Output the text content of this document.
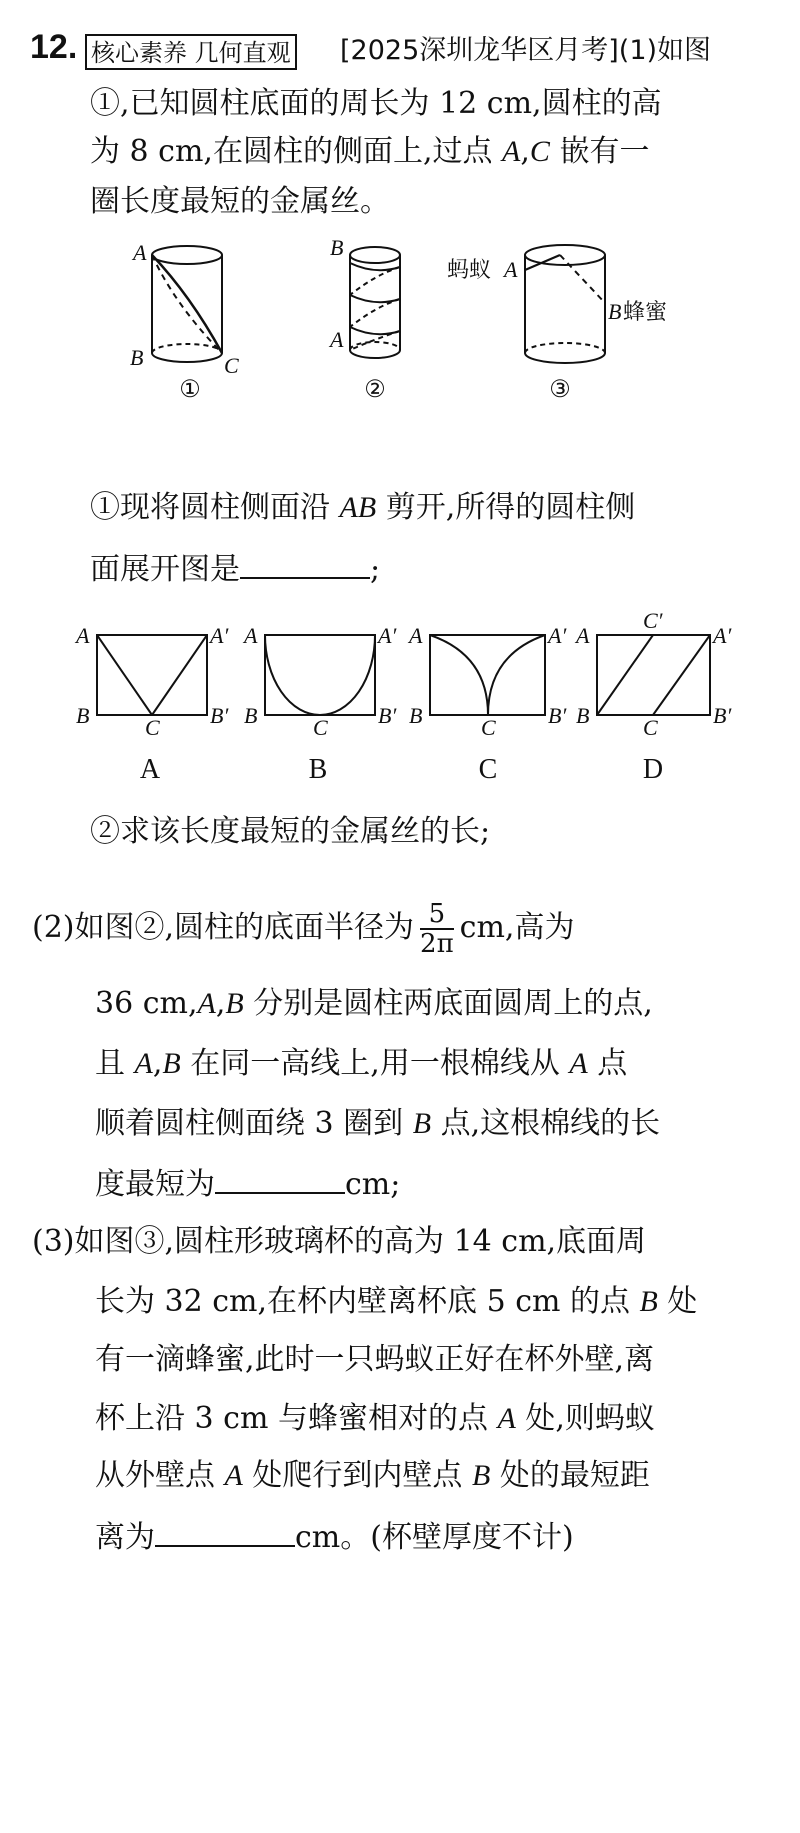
12. 核心素养 几何直观 [2025深圳龙华区月考](1)如图
①,已知圆柱底面的周长为 12 cm,圆柱的高
为 8 cm,在圆柱的侧面上,过点 A,C 嵌有一
圈长度最短的金属丝。
A
B	C
B
A
A
B
蚂蚁
蜂蜜
①	②	③
①现将圆柱侧面沿 AB 剪开,所得的圆柱侧
面展开图是	;
A	A′
B	B′
C
A	A′
B	B′
C
A	A′
B	B′
C
A	A′
B	B′
C
C′
A	B	C	D
②求该长度最短的金属丝的长;
(2)如图②,圆柱的底面半径为 $\frac{5}{2\pi}$ cm,高为
36 cm,A,B 分别是圆柱两底面圆周上的点,
且 A,B 在同一高线上,用一根棉线从 A 点
顺着圆柱侧面绕 3 圈到 B 点,这根棉线的长
度最短为	cm;
(3)如图③,圆柱形玻璃杯的高为 14 cm,底面周
长为 32 cm,在杯内壁离杯底 5 cm 的点 B 处
有一滴蜂蜜,此时一只蚂蚁正好在杯外壁,离
杯上沿 3 cm 与蜂蜜相对的点 A 处,则蚂蚁
从外壁点 A 处爬行到内壁点 B 处的最短距
离为	cm。(杯壁厚度不计)
